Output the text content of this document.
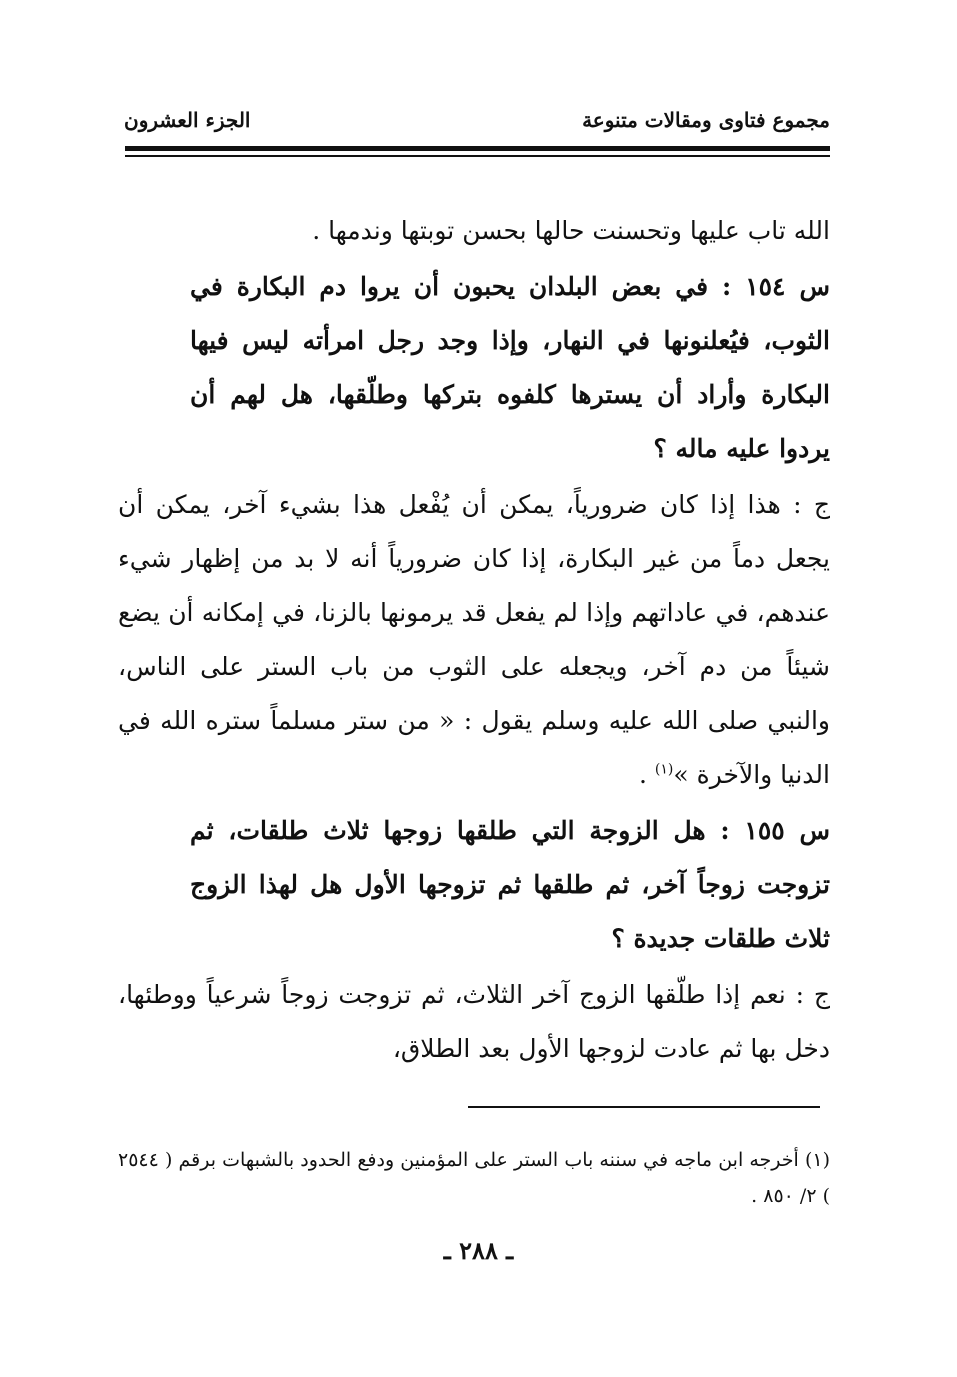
مجموع فتاوى ومقالات متنوعة
الجزء العشرون

الله تاب عليها وتحسنت حالها بحسن توبتها وندمها .

س ١٥٤ : في بعض البلدان يحبون أن يروا دم البكارة في الثوب، فيُعلنونها في النهار، وإذا وجد رجل امرأته ليس فيها البكارة وأراد أن يسترها كلفوه بتركها وطلّقها، هل لهم أن يردوا عليه ماله ؟

ج : هذا إذا كان ضرورياً، يمكن أن يُفْعل هذا بشيء آخر، يمكن أن يجعل دماً من غير البكارة، إذا كان ضرورياً أنه لا بد من إظهار شيء عندهم، في عاداتهم وإذا لم يفعل قد يرمونها بالزنا، في إمكانه أن يضع شيئاً من دم آخر، ويجعله على الثوب من باب الستر على الناس، والنبي صلى الله عليه وسلم يقول : « من ستر مسلماً ستره الله في الدنيا والآخرة »$^{(١)}$ .

س ١٥٥ : هل الزوجة التي طلقها زوجها ثلاث طلقات، ثم تزوجت زوجاً آخر، ثم طلقها ثم تزوجها الأول هل لهذا الزوج ثلاث طلقات جديدة ؟

ج : نعم إذا طلّقها الزوج آخر الثلاث، ثم تزوجت زوجاً شرعياً ووطئها، دخل بها ثم عادت لزوجها الأول بعد الطلاق،

(١) أخرجه ابن ماجه في سننه باب الستر على المؤمنين ودفع الحدود بالشبهات برقم ( ٢٥٤٤ ) ٢/ ٨٥٠ .
ـ ٢٨٨ ـ
